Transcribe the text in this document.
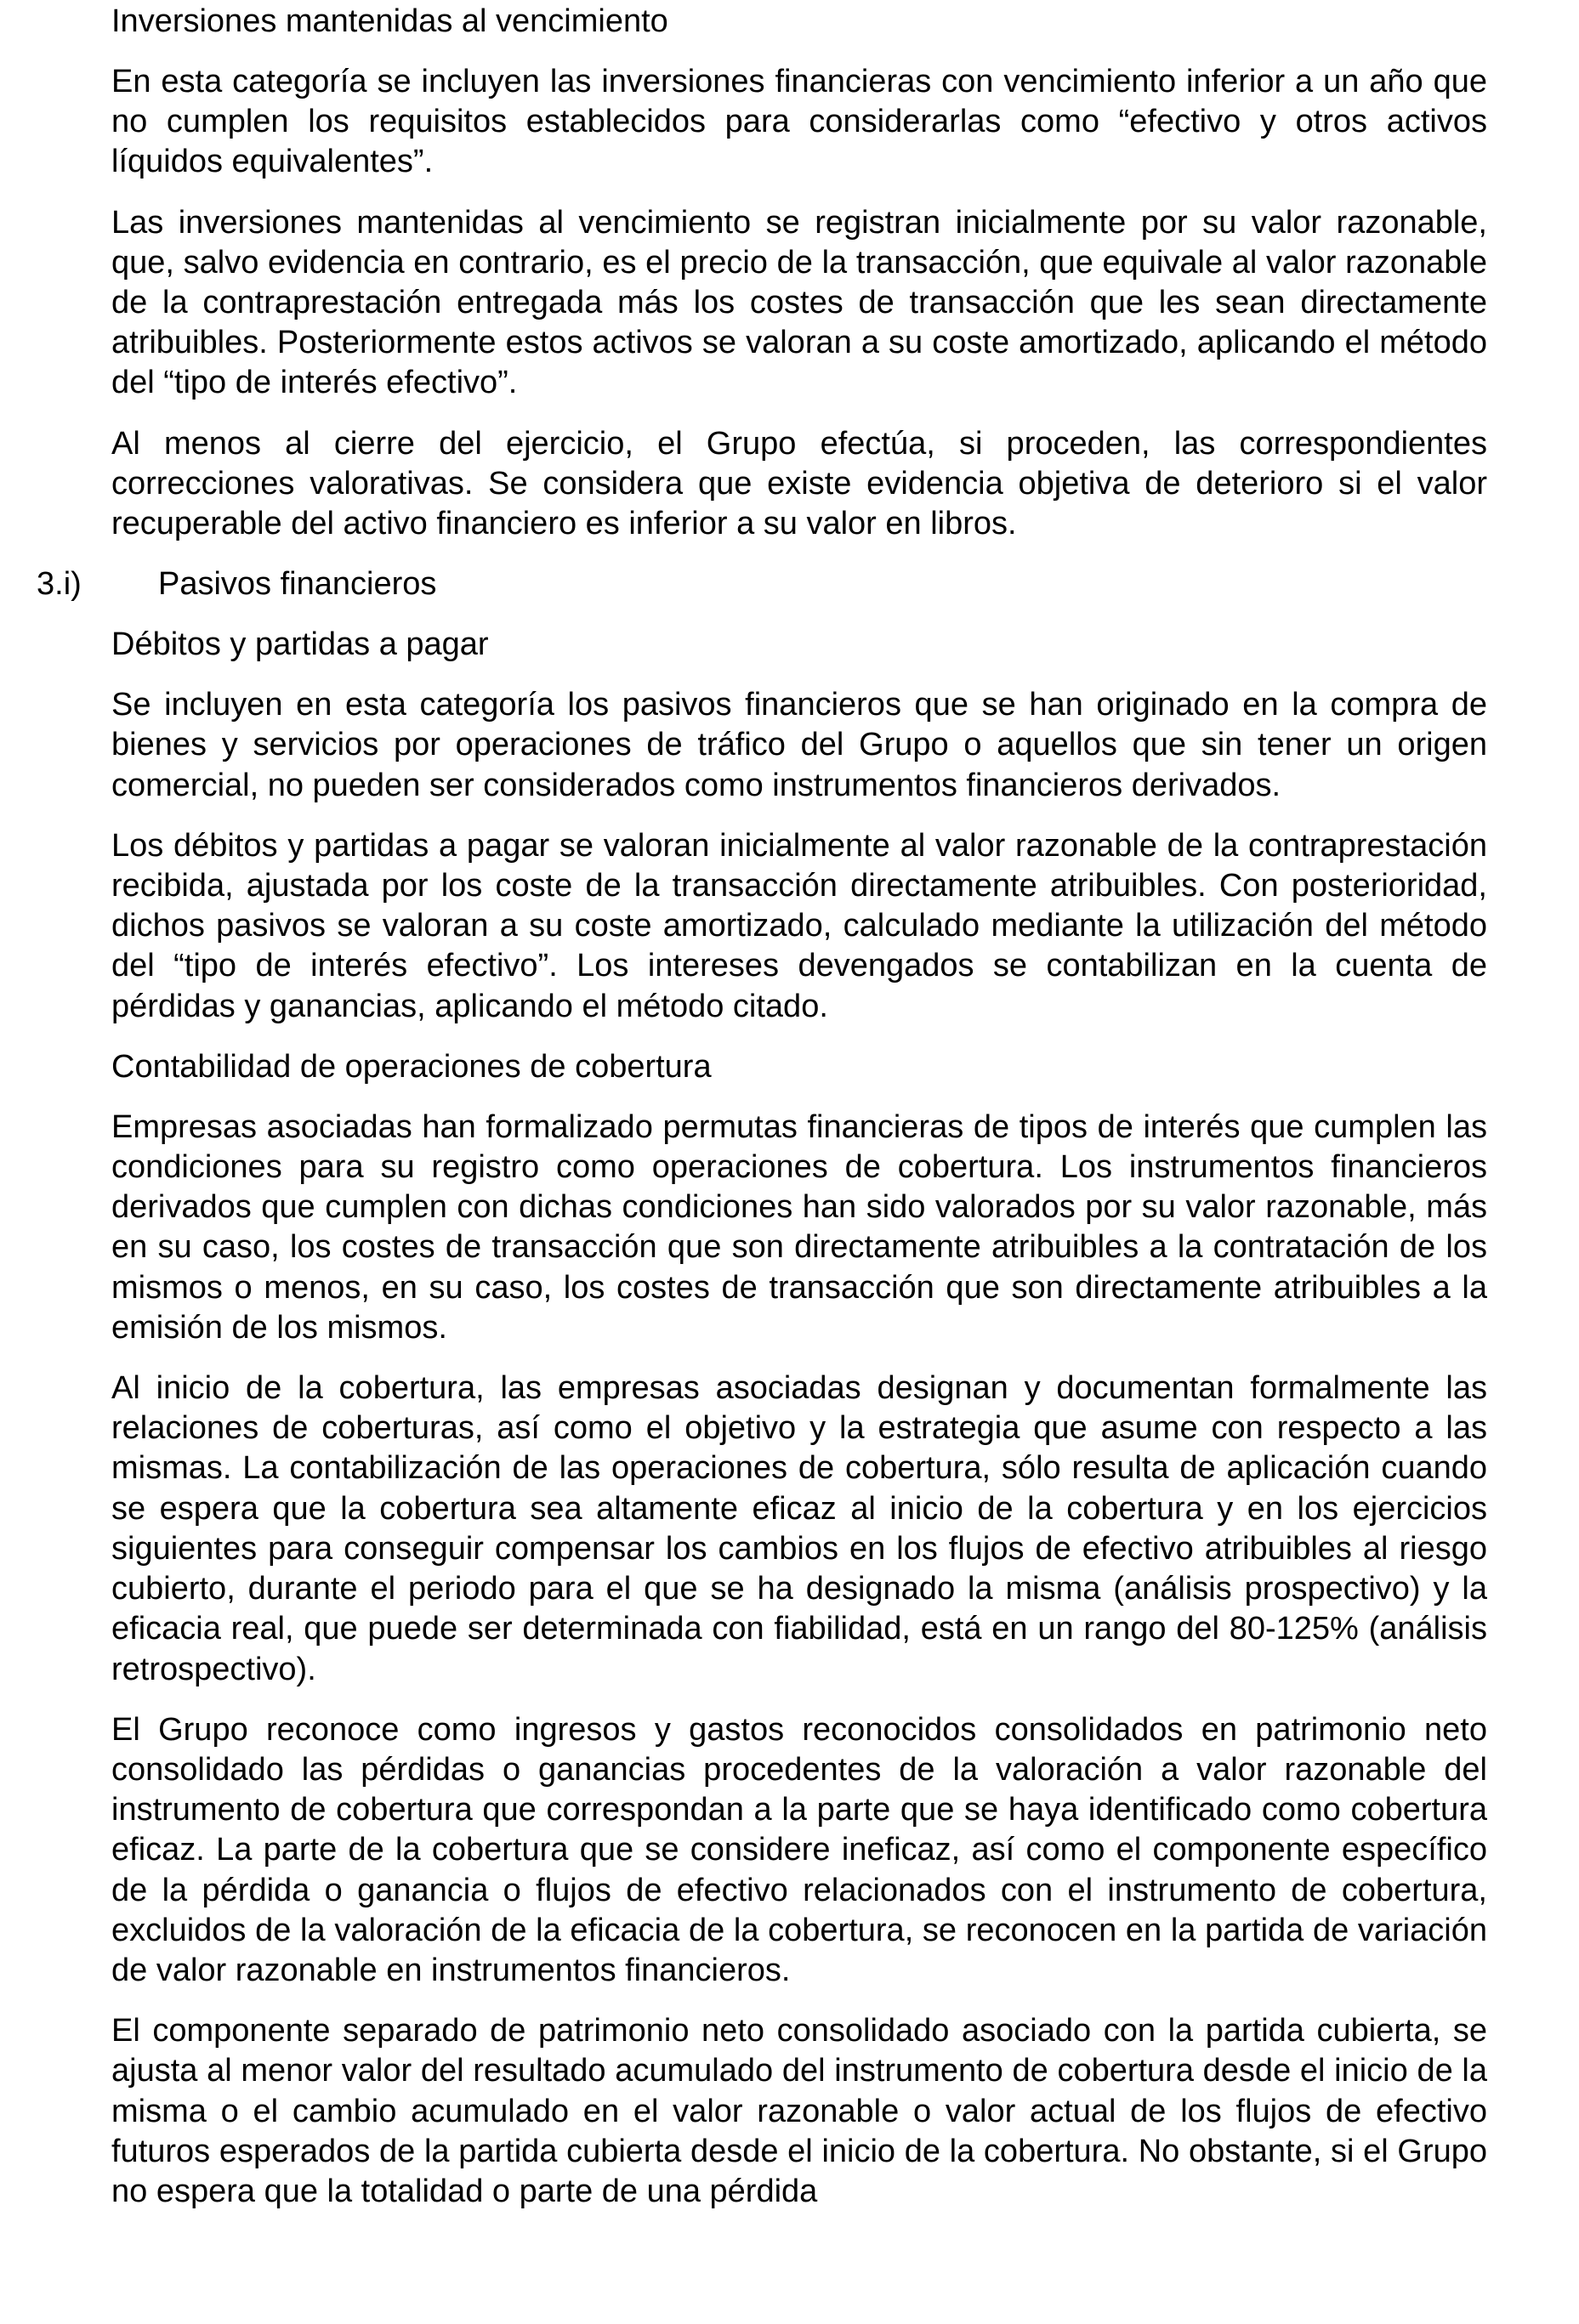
Inversiones mantenidas al vencimiento

En esta categoría se incluyen las inversiones financieras con vencimiento inferior a un año que no cumplen los requisitos establecidos para considerarlas como “efectivo y otros activos líquidos equivalentes”.

Las inversiones mantenidas al vencimiento se registran inicialmente por su valor razonable, que, salvo evidencia en contrario, es el precio de la transacción, que equivale al valor razonable de la contraprestación entregada más los costes de transacción que les sean directamente atribuibles. Posteriormente estos activos se valoran a su coste amortizado, aplicando el método del “tipo de interés efectivo”.

Al menos al cierre del ejercicio, el Grupo efectúa, si proceden, las correspondientes correcciones valorativas. Se considera que existe evidencia objetiva de deterioro si el valor recuperable del activo financiero es inferior a su valor en libros.

3.i) Pasivos financieros
Débitos y partidas a pagar

Se incluyen en esta categoría los pasivos financieros que se han originado en la compra de bienes y servicios por operaciones de tráfico del Grupo o aquellos que sin tener un origen comercial, no pueden ser considerados como instrumentos financieros derivados.

Los débitos y partidas a pagar se valoran inicialmente al valor razonable de la contraprestación recibida, ajustada por los coste de la transacción directamente atribuibles. Con posterioridad, dichos pasivos se valoran a su coste amortizado, calculado mediante la utilización del método del “tipo de interés efectivo”. Los intereses devengados se contabilizan en la cuenta de pérdidas y ganancias, aplicando el método citado.

Contabilidad de operaciones de cobertura

Empresas asociadas han formalizado permutas financieras de tipos de interés que cumplen las condiciones para su registro como operaciones de cobertura. Los instrumentos financieros derivados que cumplen con dichas condiciones han sido valorados por su valor razonable, más en su caso, los costes de transacción que son directamente atribuibles a la contratación de los mismos o menos, en su caso, los costes de transacción que son directamente atribuibles a la emisión de los mismos.

Al inicio de la cobertura, las empresas asociadas designan y documentan formalmente las relaciones de coberturas, así como el objetivo y la estrategia que asume con respecto a las mismas. La contabilización de las operaciones de cobertura, sólo resulta de aplicación cuando se espera que la cobertura sea altamente eficaz al inicio de la cobertura y en los ejercicios siguientes para conseguir compensar los cambios en los flujos de efectivo atribuibles al riesgo cubierto, durante el periodo para el que se ha designado la misma (análisis prospectivo) y la eficacia real, que puede ser determinada con fiabilidad, está en un rango del 80-125% (análisis retrospectivo).

El Grupo reconoce como ingresos y gastos reconocidos consolidados en patrimonio neto consolidado las pérdidas o ganancias procedentes de la valoración a valor razonable del instrumento de cobertura que correspondan a la parte que se haya identificado como cobertura eficaz. La parte de la cobertura que se considere ineficaz, así como el componente específico de la pérdida o ganancia o flujos de efectivo relacionados con el instrumento de cobertura, excluidos de la valoración de la eficacia de la cobertura, se reconocen en la partida de variación de valor razonable en instrumentos financieros.

El componente separado de patrimonio neto consolidado asociado con la partida cubierta, se ajusta al menor valor del resultado acumulado del instrumento de cobertura desde el inicio de la misma o el cambio acumulado en el valor razonable o valor actual de los flujos de efectivo futuros esperados de la partida cubierta desde el inicio de la cobertura. No obstante, si el Grupo no espera que la totalidad o parte de una pérdida
